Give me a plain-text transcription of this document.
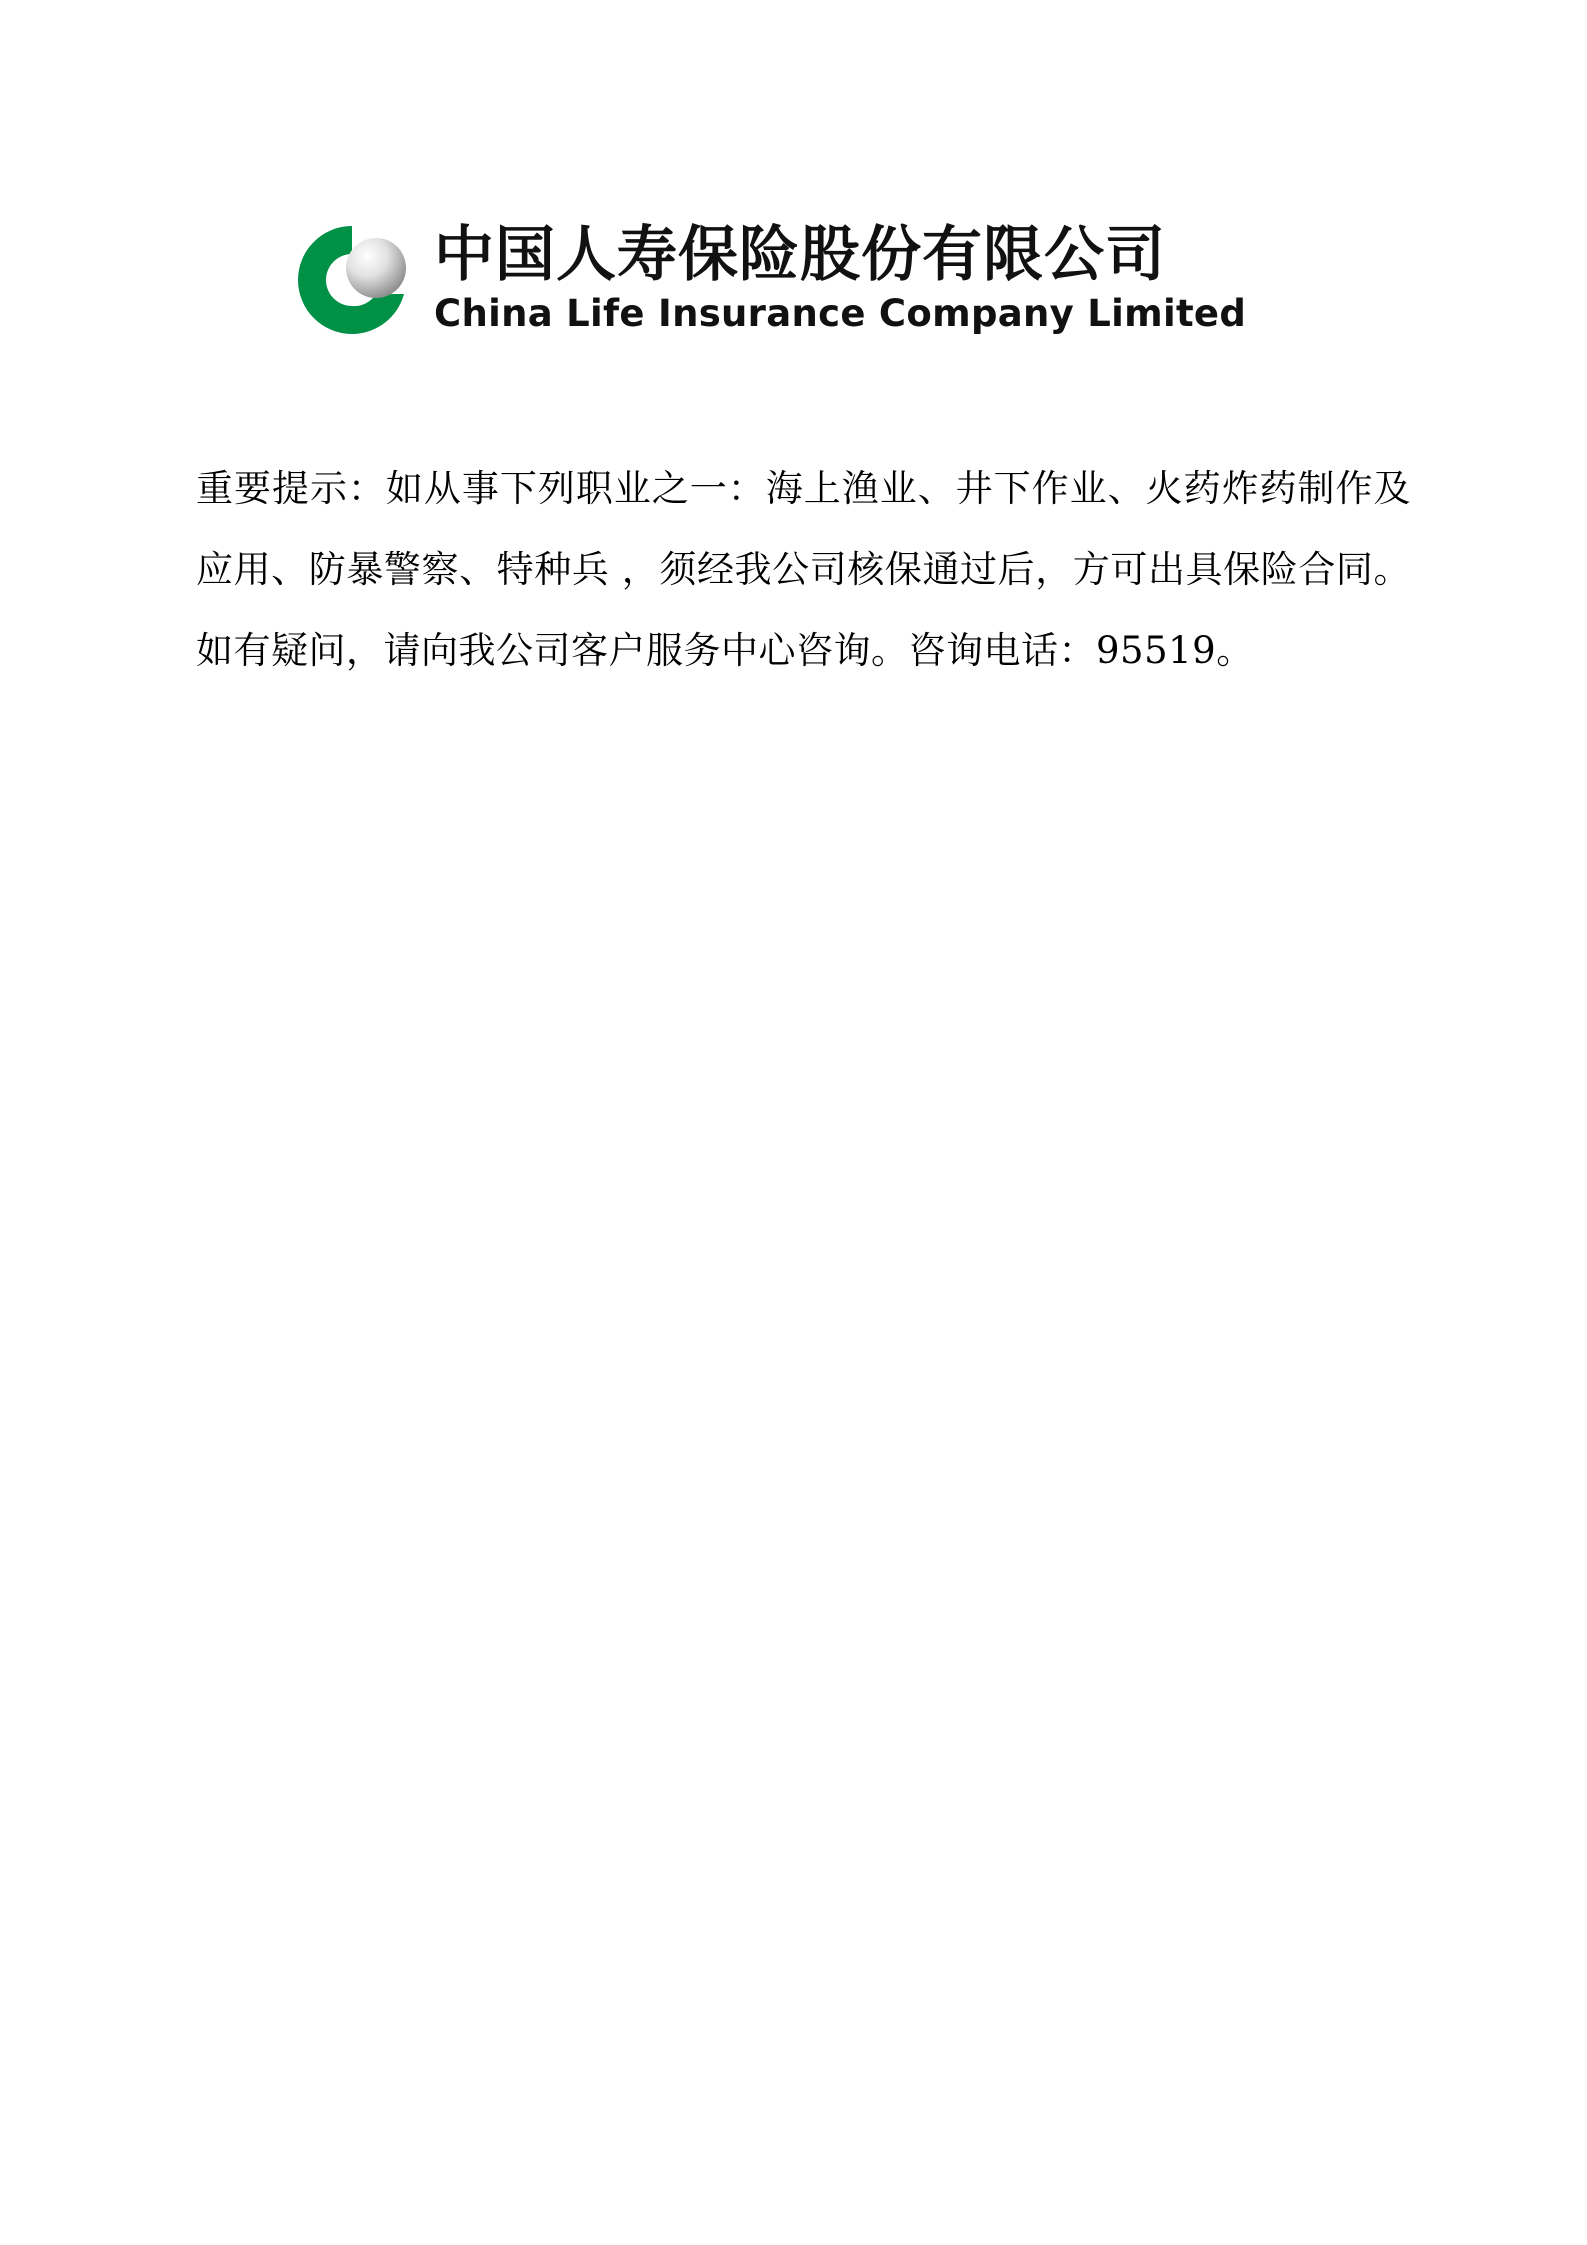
中国人寿保险股份有限公司
China Life Insurance Company Limited

重要提示：如从事下列职业之一：海上渔业、井下作业、火药炸药制作及应用、防暴警察、特种兵 ，须经我公司核保通过后，方可出具保险合同。如有疑问，请向我公司客户服务中心咨询。咨询电话：95519。
